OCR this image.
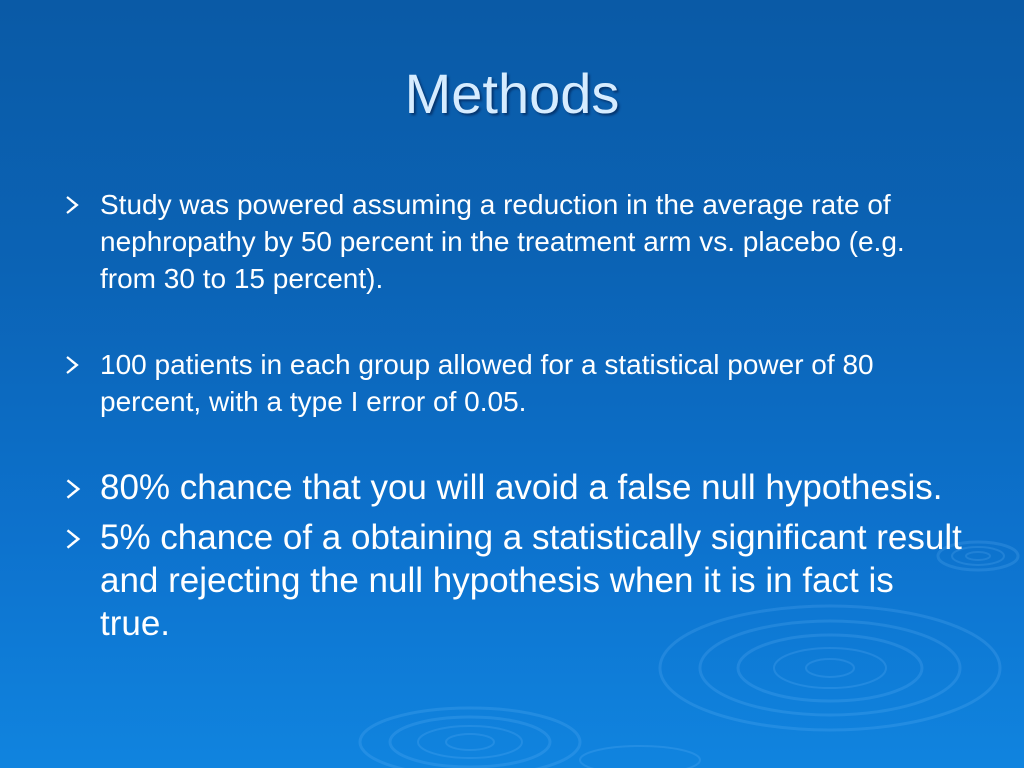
Methods
Study was powered assuming a reduction in the average rate of nephropathy by 50 percent in the treatment arm vs. placebo (e.g. from 30 to 15 percent).
100 patients in each group allowed for a statistical power of 80 percent, with a type I error of 0.05.
80% chance that you will avoid a false null hypothesis.
5% chance of a obtaining a statistically significant result and rejecting the null hypothesis when it is in fact is true.
